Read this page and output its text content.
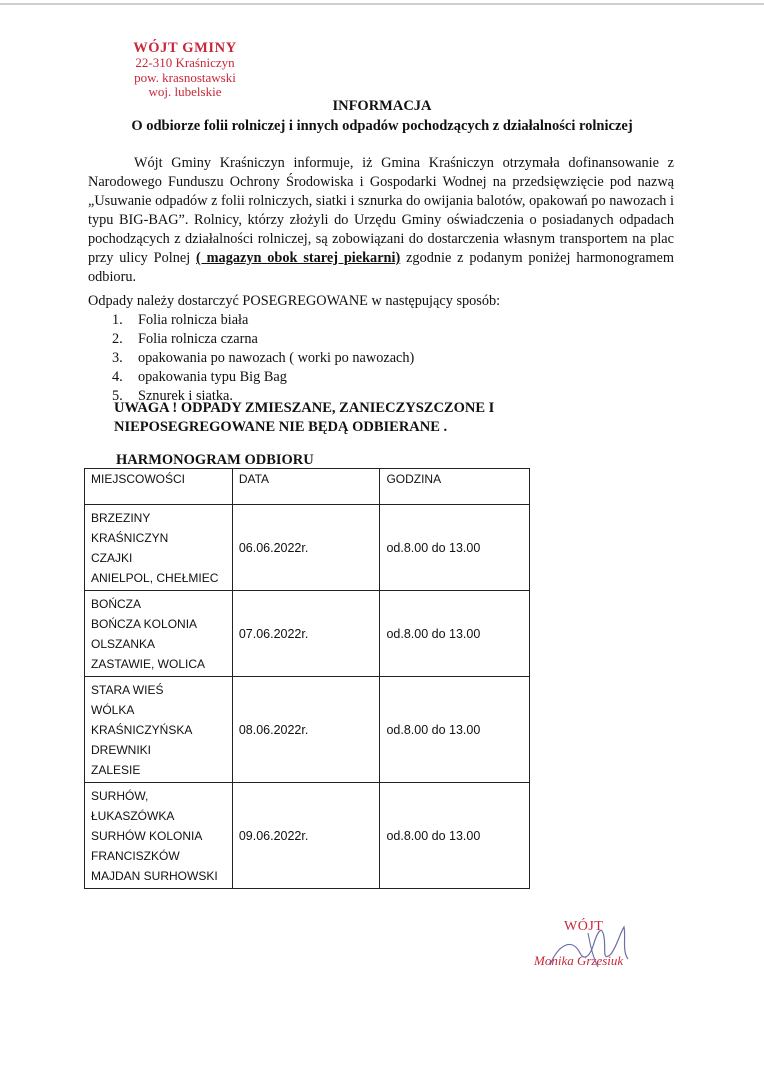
WÓJT GMINY
22-310 Kraśniczyn
pow. krasnostawski
woj. lubelskie
INFORMACJA
O odbiorze folii rolniczej i innych odpadów pochodzących z działalności rolniczej
Wójt Gminy Kraśniczyn informuje, iż Gmina Kraśniczyn otrzymała dofinansowanie z Narodowego Funduszu Ochrony Środowiska i Gospodarki Wodnej na przedsięwzięcie pod nazwą „Usuwanie odpadów z folii rolniczych, siatki i sznurka do owijania balotów, opakowań po nawozach i typu BIG-BAG”. Rolnicy, którzy złożyli do Urzędu Gminy oświadczenia o posiadanych odpadach pochodzących z działalności rolniczej, są zobowiązani do dostarczenia własnym transportem na plac przy ulicy Polnej ( magazyn obok starej piekarni) zgodnie z podanym poniżej harmonogramem odbioru.
Odpady należy dostarczyć POSEGREGOWANE w następujący sposób:
1. Folia rolnicza biała
2. Folia rolnicza czarna
3. opakowania po nawozach ( worki po nawozach)
4. opakowania typu Big Bag
5. Sznurek i siatka.
UWAGA ! ODPADY ZMIESZANE, ZANIECZYSZCZONE I
NIEPOSEGREGOWANE NIE BĘDĄ ODBIERANE .
HARMONOGRAM ODBIORU
MIEJSCOWOŚCI	DATA	GODZINA

BRZEZINY
KRAŚNICZYN
CZAJKI
ANIELPOL, CHEŁMIEC	06.06.2022r.	od.8.00 do 13.00

BOŃCZA
BOŃCZA KOLONIA
OLSZANKA
ZASTAWIE, WOLICA	07.06.2022r.	od.8.00 do 13.00

STARA WIEŚ
WÓLKA
KRAŚNICZYŃSKA
DREWNIKI
ZALESIE	08.06.2022r.	od.8.00 do 13.00

SURHÓW,
ŁUKASZÓWKA
SURHÓW KOLONIA
FRANCISZKÓW
MAJDAN SURHOWSKI	09.06.2022r.	od.8.00 do 13.00
WÓJT
Monika Grzesiuk
